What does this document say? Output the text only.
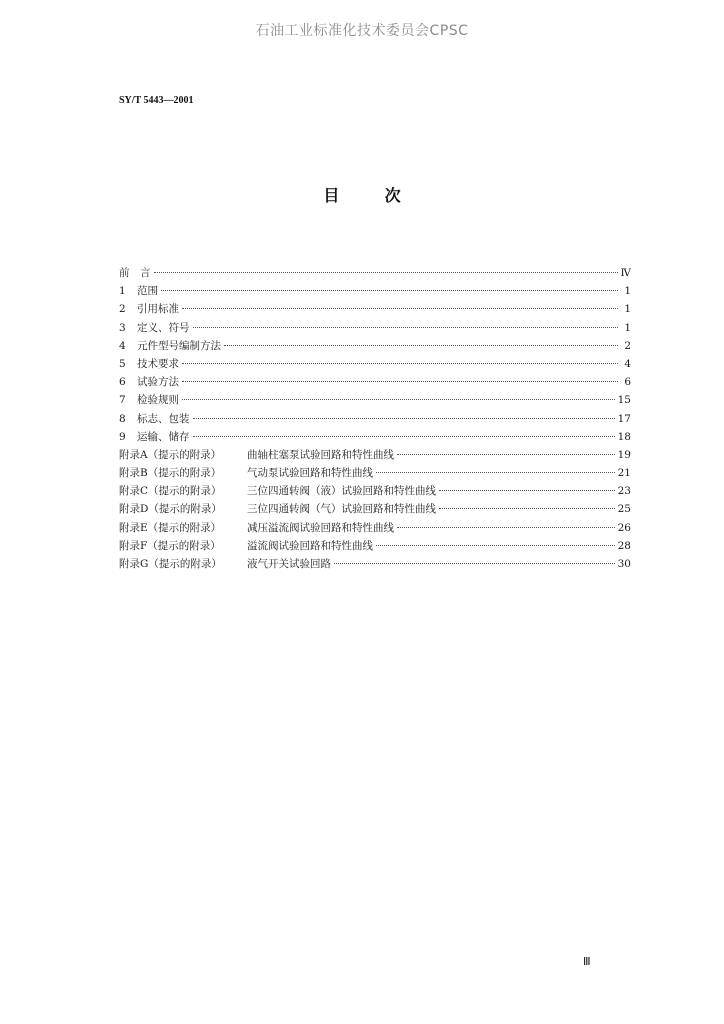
石油工业标准化技术委员会CPSC
SY/T 5443—2001
目	次
前　言	Ⅳ
1	范围	1
2	引用标准	1
3	定义、符号	1
4	元件型号编制方法	2
5	技术要求	4
6	试验方法	6
7	检验规则	15
8	标志、包装	17
9	运输、储存	18
附录A（提示的附录）	曲轴柱塞泵试验回路和特性曲线	19
附录B（提示的附录）	气动泵试验回路和特性曲线	21
附录C（提示的附录）	三位四通转阀（液）试验回路和特性曲线	23
附录D（提示的附录）	三位四通转阀（气）试验回路和特性曲线	25
附录E（提示的附录）	减压溢流阀试验回路和特性曲线	26
附录F（提示的附录）	溢流阀试验回路和特性曲线	28
附录G（提示的附录）	液气开关试验回路	30
Ⅲ
